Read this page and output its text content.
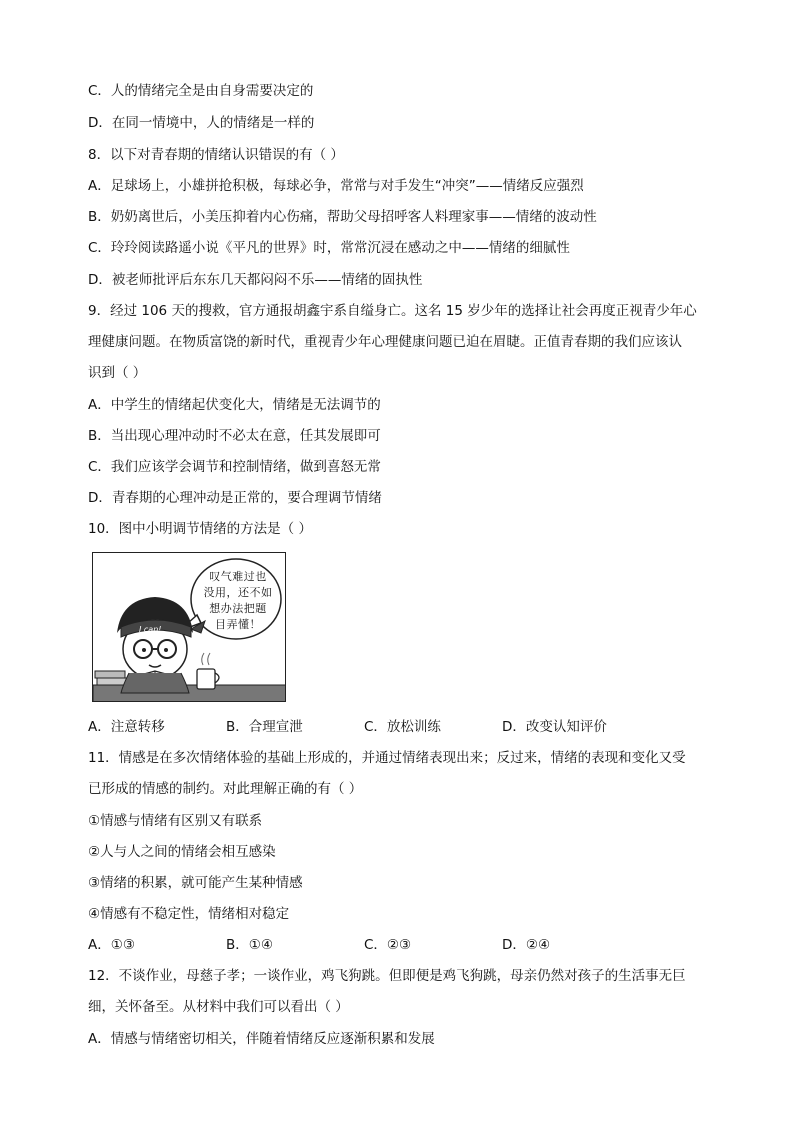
C．人的情绪完全是由自身需要决定的
D．在同一情境中，人的情绪是一样的
8．以下对青春期的情绪认识错误的有（ ）
A．足球场上，小雄拼抢积极，每球必争，常常与对手发生“冲突”——情绪反应强烈
B．奶奶离世后，小美压抑着内心伤痛，帮助父母招呼客人料理家事——情绪的波动性
C．玲玲阅读路遥小说《平凡的世界》时，常常沉浸在感动之中——情绪的细腻性
D．被老师批评后东东几天都闷闷不乐——情绪的固执性
9．经过 106 天的搜救，官方通报胡鑫宇系自缢身亡。这名 15 岁少年的选择让社会再度正视青少年心
理健康问题。在物质富饶的新时代，重视青少年心理健康问题已迫在眉睫。正值青春期的我们应该认
识到（ ）
A．中学生的情绪起伏变化大，情绪是无法调节的
B．当出现心理冲动时不必太在意，任其发展即可
C．我们应该学会调节和控制情绪，做到喜怒无常
D．青春期的心理冲动是正常的，要合理调节情绪
10．图中小明调节情绪的方法是（ ）
I can!
叹气难过也
没用，还不如
想办法把题
目弄懂！
A．注意转移	B．合理宣泄	C．放松训练	D．改变认知评价
11．情感是在多次情绪体验的基础上形成的，并通过情绪表现出来；反过来，情绪的表现和变化又受
已形成的情感的制约。对此理解正确的有（ ）
①情感与情绪有区别又有联系
②人与人之间的情绪会相互感染
③情绪的积累，就可能产生某种情感
④情感有不稳定性，情绪相对稳定
A．①③	B．①④	C．②③	D．②④
12．不谈作业，母慈子孝；一谈作业，鸡飞狗跳。但即便是鸡飞狗跳，母亲仍然对孩子的生活事无巨
细，关怀备至。从材料中我们可以看出（ ）
A．情感与情绪密切相关，伴随着情绪反应逐渐积累和发展
